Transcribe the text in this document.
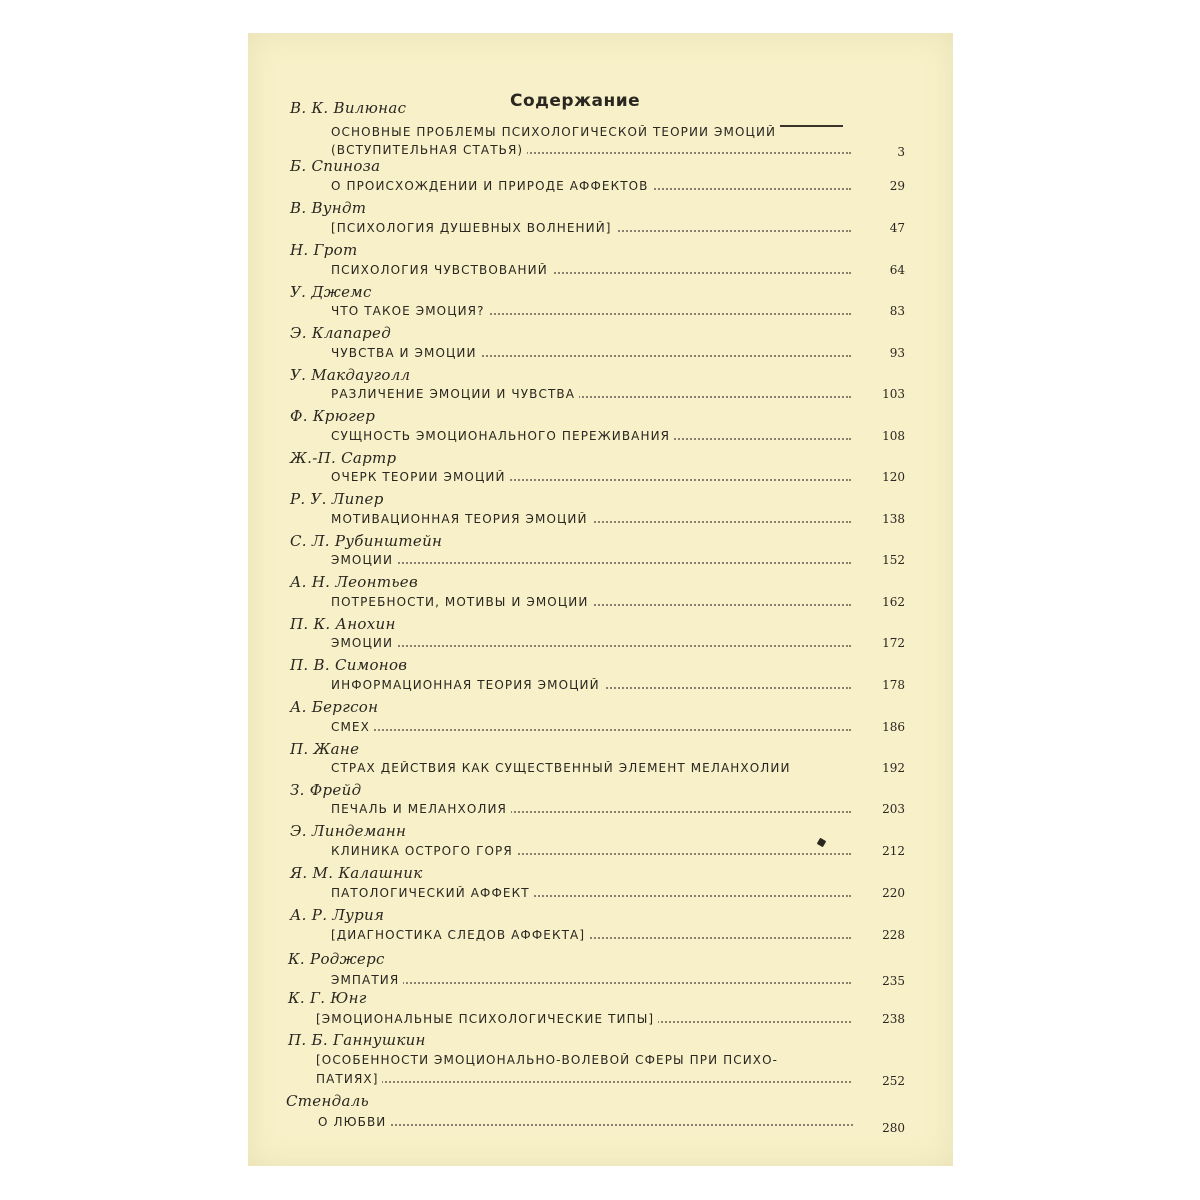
Содержание
В. К. Вилюнас
ОСНОВНЫЕ ПРОБЛЕМЫ ПСИХОЛОГИЧЕСКОЙ ТЕОРИИ ЭМОЦИЙ
(ВСТУПИТЕЛЬНАЯ СТАТЬЯ)	3
Б. Спиноза
О ПРОИСХОЖДЕНИИ И ПРИРОДЕ АФФЕКТОВ	29
В. Вундт
[ПСИХОЛОГИЯ ДУШЕВНЫХ ВОЛНЕНИЙ]	47
Н. Грот
ПСИХОЛОГИЯ ЧУВСТВОВАНИЙ	64
У. Джемс
ЧТО ТАКОЕ ЭМОЦИЯ?	83
Э. Клапаред
ЧУВСТВА И ЭМОЦИИ	93
У. Макдауголл
РАЗЛИЧЕНИЕ ЭМОЦИИ И ЧУВСТВА	103
Ф. Крюгер
СУЩНОСТЬ ЭМОЦИОНАЛЬНОГО ПЕРЕЖИВАНИЯ	108
Ж.-П. Сартр
ОЧЕРК ТЕОРИИ ЭМОЦИЙ	120
Р. У. Липер
МОТИВАЦИОННАЯ ТЕОРИЯ ЭМОЦИЙ	138
С. Л. Рубинштейн
ЭМОЦИИ	152
А. Н. Леонтьев
ПОТРЕБНОСТИ, МОТИВЫ И ЭМОЦИИ	162
П. К. Анохин
ЭМОЦИИ	172
П. В. Симонов
ИНФОРМАЦИОННАЯ ТЕОРИЯ ЭМОЦИЙ	178
А. Бергсон
СМЕХ	186
П. Жане
СТРАХ ДЕЙСТВИЯ КАК СУЩЕСТВЕННЫЙ ЭЛЕМЕНТ МЕЛАНХОЛИИ	192
З. Фрейд
ПЕЧАЛЬ И МЕЛАНХОЛИЯ	203
Э. Линдеманн
КЛИНИКА ОСТРОГО ГОРЯ	212
Я. М. Калашник
ПАТОЛОГИЧЕСКИЙ АФФЕКТ	220
А. Р. Лурия
[ДИАГНОСТИКА СЛЕДОВ АФФЕКТА]	228
К. Роджерс
ЭМПАТИЯ	235
К. Г. Юнг
[ЭМОЦИОНАЛЬНЫЕ ПСИХОЛОГИЧЕСКИЕ ТИПЫ]	238
П. Б. Ганнушкин
[ОСОБЕННОСТИ ЭМОЦИОНАЛЬНО-ВОЛЕВОЙ СФЕРЫ ПРИ ПСИХО-
ПАТИЯХ]	252
Стендаль
О ЛЮБВИ	280
